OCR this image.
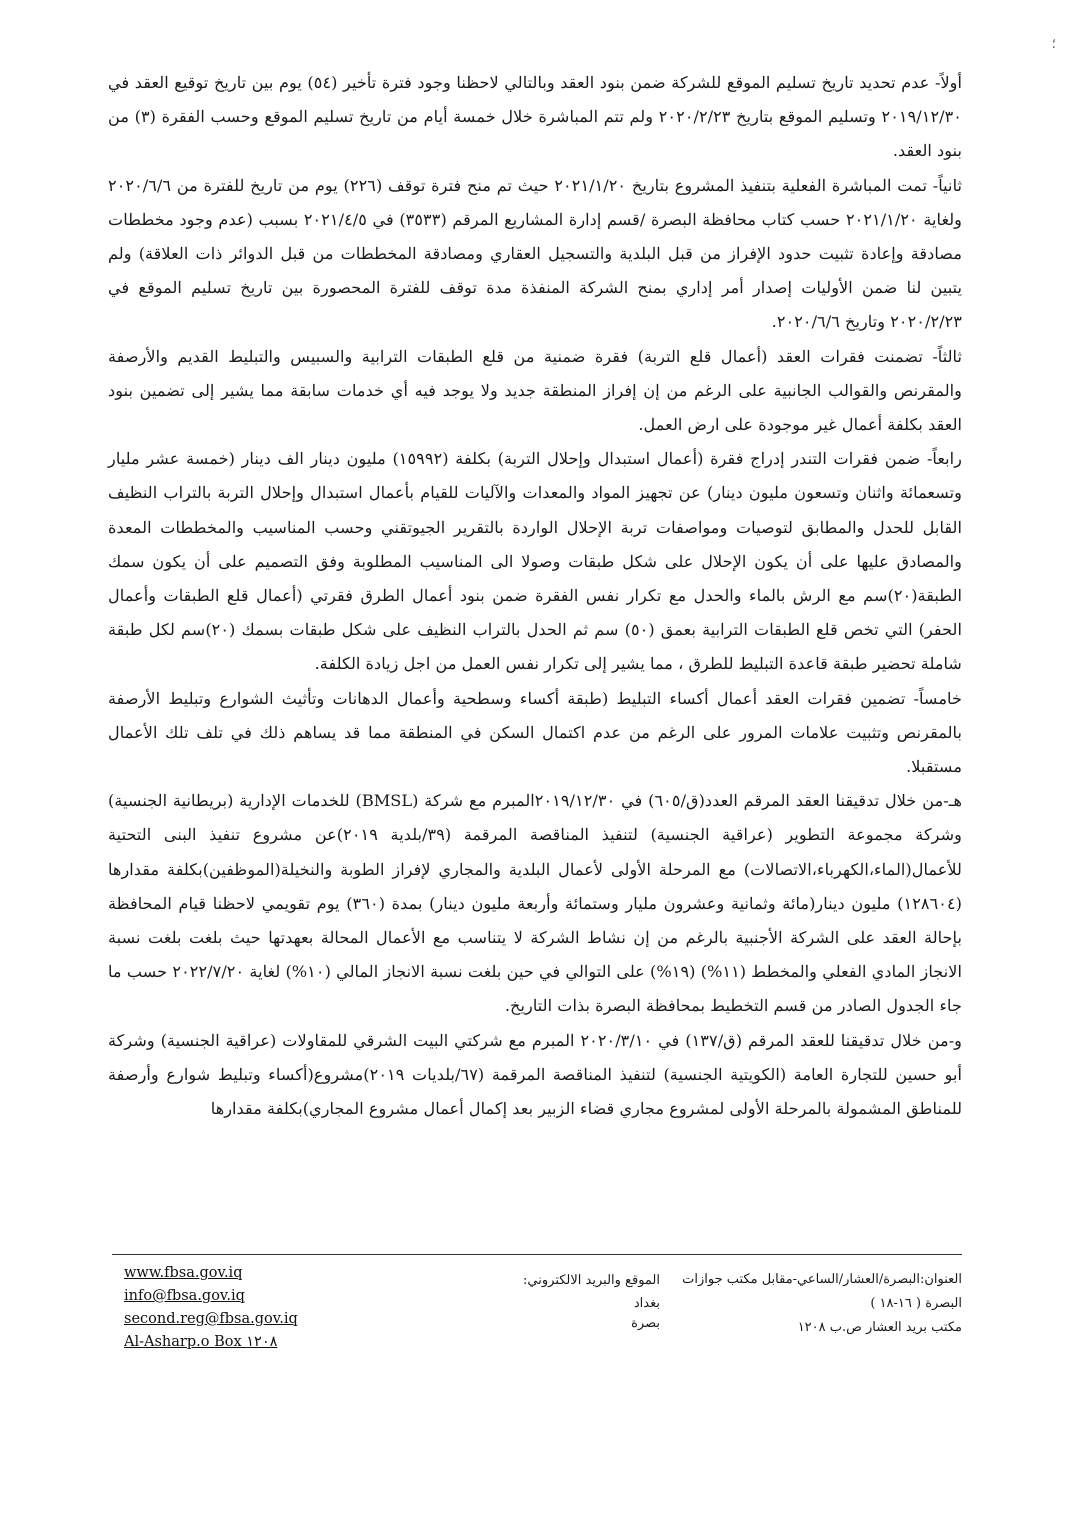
؛

أولاً- عدم تحديد تاريخ تسليم الموقع للشركة ضمن بنود العقد وبالتالي لاحظنا وجود فترة تأخير (٥٤) يوم بين تاريخ توقيع العقد في ٢٠١٩/١٢/٣٠ وتسليم الموقع بتاريخ ٢٠٢٠/٢/٢٣ ولم تتم المباشرة خلال خمسة أيام من تاريخ تسليم الموقع وحسب الفقرة (٣) من بنود العقد.

ثانياً- تمت المباشرة الفعلية بتنفيذ المشروع بتاريخ ٢٠٢١/١/٢٠ حيث تم منح فترة توقف (٢٢٦) يوم من تاريخ للفترة من ٢٠٢٠/٦/٦ ولغاية ٢٠٢١/١/٢٠ حسب كتاب محافظة البصرة /قسم إدارة المشاريع المرقم (٣٥٣٣) في ٢٠٢١/٤/٥ بسبب (عدم وجود مخططات مصادقة وإعادة تثبيت حدود الإفراز من قبل البلدية والتسجيل العقاري ومصادقة المخططات من قبل الدوائر ذات العلاقة) ولم يتبين لنا ضمن الأوليات إصدار أمر إداري بمنح الشركة المنفذة مدة توقف للفترة المحصورة بين تاريخ تسليم الموقع في ٢٠٢٠/٢/٢٣ وتاريخ ٢٠٢٠/٦/٦.

ثالثاً- تضمنت فقرات العقد (أعمال قلع التربة) فقرة ضمنية من قلع الطبقات الترابية والسبيس والتبليط القديم والأرصفة والمقرنص والقوالب الجانبية على الرغم من إن إفراز المنطقة جديد ولا يوجد فيه أي خدمات سابقة مما يشير إلى تضمين بنود العقد بكلفة أعمال غير موجودة على ارض العمل.

رابعاً- ضمن فقرات التندر إدراج فقرة (أعمال استبدال وإحلال التربة) بكلفة (١٥٩٩٢) مليون دينار الف دينار (خمسة عشر مليار وتسعمائة واثنان وتسعون مليون دينار) عن تجهيز المواد والمعدات والآليات للقيام بأعمال استبدال وإحلال التربة بالتراب النظيف القابل للحدل والمطابق لتوصيات ومواصفات تربة الإحلال الواردة بالتقرير الجيوتقني وحسب المناسيب والمخططات المعدة والمصادق عليها على أن يكون الإحلال على شكل طبقات وصولا الى المناسيب المطلوبة وفق التصميم على أن يكون سمك الطبقة(٢٠)سم مع الرش بالماء والحدل مع تكرار نفس الفقرة ضمن بنود أعمال الطرق فقرتي (أعمال قلع الطبقات وأعمال الحفر) التي تخص قلع الطبقات الترابية بعمق (٥٠) سم ثم الحدل بالتراب النظيف على شكل طبقات بسمك (٢٠)سم لكل طبقة شاملة تحضير طبقة قاعدة التبليط للطرق ، مما يشير إلى تكرار نفس العمل من اجل زيادة الكلفة.

خامساً- تضمين فقرات العقد أعمال أكساء التبليط (طبقة أكساء وسطحية وأعمال الدهانات وتأثيث الشوارع وتبليط الأرصفة بالمقرنص وتثبيت علامات المرور على الرغم من عدم اكتمال السكن في المنطقة مما قد يساهم ذلك في تلف تلك الأعمال مستقبلا.

هـ-من خلال تدقيقنا العقد المرقم العدد(ق/٦٠٥) في ٢٠١٩/١٢/٣٠المبرم مع شركة (BMSL) للخدمات الإدارية (بريطانية الجنسية) وشركة مجموعة التطوير (عراقية الجنسية) لتنفيذ المناقصة المرقمة (٣٩/بلدية ٢٠١٩)عن مشروع تنفيذ البنى التحتية للأعمال(الماء،الكهرباء،الاتصالات) مع المرحلة الأولى لأعمال البلدية والمجاري لإفراز الطوبة والنخيلة(الموظفين)بكلفة مقدارها (١٢٨٦٠٤) مليون دينار(مائة وثمانية وعشرون مليار وستمائة وأربعة مليون دينار) بمدة (٣٦٠) يوم تقويمي لاحظنا قيام المحافظة بإحالة العقد على الشركة الأجنبية بالرغم من إن نشاط الشركة لا يتناسب مع الأعمال المحالة بعهدتها حيث بلغت بلغت نسبة الانجاز المادي الفعلي والمخطط (١١%) (١٩%) على التوالي في حين بلغت نسبة الانجاز المالي (١٠%) لغاية ٢٠٢٢/٧/٢٠ حسب ما جاء الجدول الصادر من قسم التخطيط بمحافظة البصرة بذات التاريخ.

و-من خلال تدقيقنا للعقد المرقم (ق/١٣٧) في ٢٠٢٠/٣/١٠ المبرم مع شركتي البيت الشرقي للمقاولات (عراقية الجنسية) وشركة أبو حسين للتجارة العامة (الكويتية الجنسية) لتنفيذ المناقصة المرقمة (٦٧/بلديات ٢٠١٩)مشروع(أكساء وتبليط شوارع وأرصفة للمناطق المشمولة بالمرحلة الأولى لمشروع مجاري قضاء الزبير بعد إكمال أعمال مشروع المجاري)بكلفة مقدارها

العنوان:البصرة/العشار/الساعي-مقابل مكتب جوازات البصرة ( ١٦-١٨ )
مكتب بريد العشار ص.ب ١٢٠٨
الموقع والبريد الالكتروني:
بغداد
بصرة
www.fbsa.gov.iq
info@fbsa.gov.iq
second.reg@fbsa.gov.iq
Al-Asharp.o Box ١٢٠٨
